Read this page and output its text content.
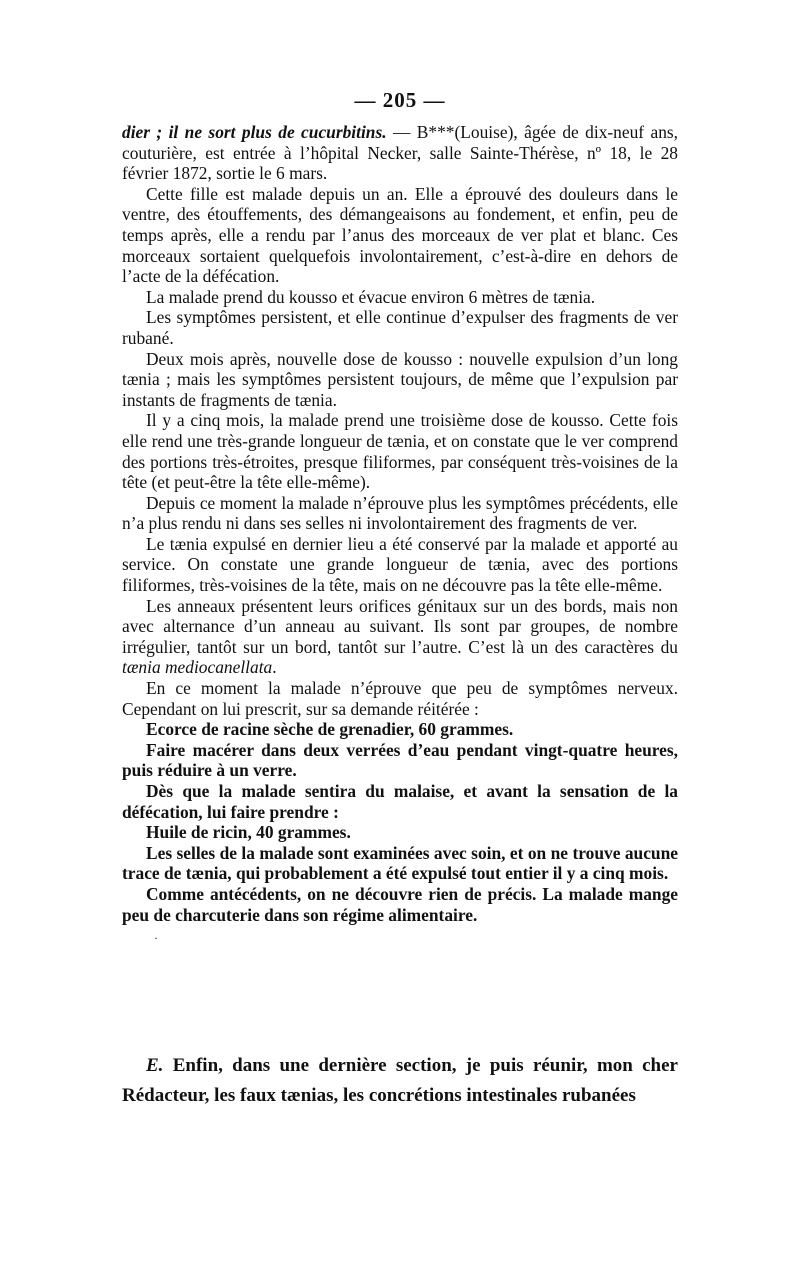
— 205 —

dier ; il ne sort plus de cucurbitins. — B***(Louise), âgée de dix-neuf ans, couturière, est entrée à l’hôpital Necker, salle Sainte-Thérèse, nº 18, le 28 février 1872, sortie le 6 mars.

Cette fille est malade depuis un an. Elle a éprouvé des douleurs dans le ventre, des étouffements, des démangeaisons au fondement, et enfin, peu de temps après, elle a rendu par l’anus des morceaux de ver plat et blanc. Ces morceaux sortaient quelquefois involontairement, c’est-à-dire en dehors de l’acte de la défécation.

La malade prend du kousso et évacue environ 6 mètres de tænia.

Les symptômes persistent, et elle continue d’expulser des fragments de ver rubané.

Deux mois après, nouvelle dose de kousso : nouvelle expulsion d’un long tænia ; mais les symptômes persistent toujours, de même que l’expulsion par instants de fragments de tænia.

Il y a cinq mois, la malade prend une troisième dose de kousso. Cette fois elle rend une très-grande longueur de tænia, et on constate que le ver comprend des portions très-étroites, presque filiformes, par conséquent très-voisines de la tête (et peut-être la tête elle-même).

Depuis ce moment la malade n’éprouve plus les symptômes précédents, elle n’a plus rendu ni dans ses selles ni involontairement des fragments de ver.

Le tænia expulsé en dernier lieu a été conservé par la malade et apporté au service. On constate une grande longueur de tænia, avec des portions filiformes, très-voisines de la tête, mais on ne découvre pas la tête elle-même.

Les anneaux présentent leurs orifices génitaux sur un des bords, mais non avec alternance d’un anneau au suivant. Ils sont par groupes, de nombre irrégulier, tantôt sur un bord, tantôt sur l’autre. C’est là un des caractères du tænia mediocanellata.

En ce moment la malade n’éprouve que peu de symptômes nerveux. Cependant on lui prescrit, sur sa demande réitérée :

Ecorce de racine sèche de grenadier, 60 grammes.

Faire macérer dans deux verrées d’eau pendant vingt-quatre heures, puis réduire à un verre.

Dès que la malade sentira du malaise, et avant la sensation de la défécation, lui faire prendre :

Huile de ricin, 40 grammes.

Les selles de la malade sont examinées avec soin, et on ne trouve aucune trace de tænia, qui probablement a été expulsé tout entier il y a cinq mois.

Comme antécédents, on ne découvre rien de précis. La malade mange peu de charcuterie dans son régime alimentaire.

·

E. Enfin, dans une dernière section, je puis réunir, mon cher Rédacteur, les faux tænias, les concrétions intestinales rubanées
